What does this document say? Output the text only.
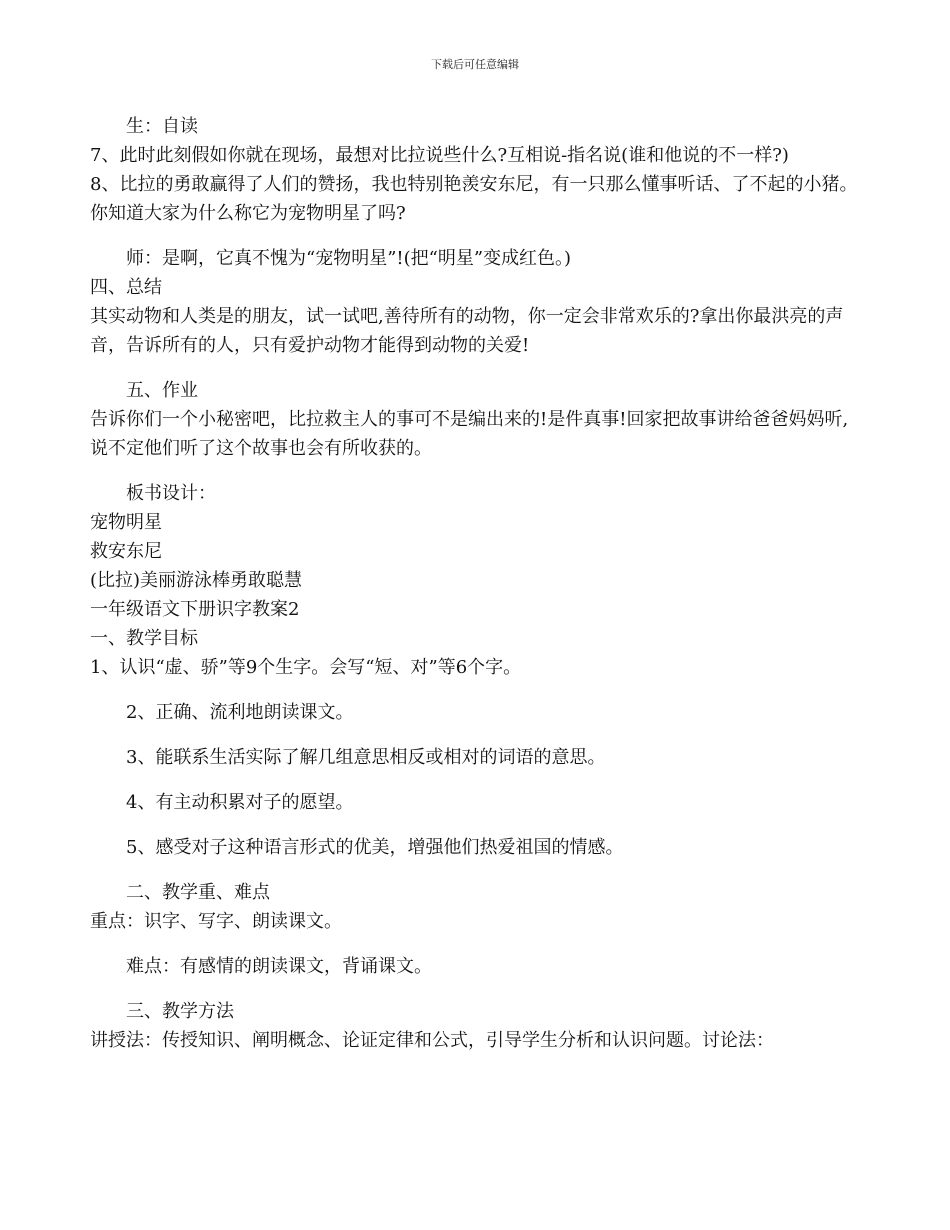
下载后可任意编辑

生：自读

7、此时此刻假如你就在现场，最想对比拉说些什么?互相说-指名说(谁和他说的不一样?)

8、比拉的勇敢赢得了人们的赞扬，我也特别艳羡安东尼，有一只那么懂事听话、了不起的小猪。你知道大家为什么称它为宠物明星了吗?

师：是啊，它真不愧为“宠物明星”!(把“明星”变成红色。)

四、总结

其实动物和人类是的朋友，试一试吧,善待所有的动物，你一定会非常欢乐的?拿出你最洪亮的声音，告诉所有的人，只有爱护动物才能得到动物的关爱!

五、作业

告诉你们一个小秘密吧，比拉救主人的事可不是编出来的!是件真事!回家把故事讲给爸爸妈妈听,说不定他们听了这个故事也会有所收获的。

板书设计：

宠物明星

救安东尼

(比拉)美丽游泳棒勇敢聪慧

一年级语文下册识字教案2

一、教学目标

1、认识“虚、骄”等9个生字。会写“短、对”等6个字。

2、正确、流利地朗读课文。

3、能联系生活实际了解几组意思相反或相对的词语的意思。

4、有主动积累对子的愿望。

5、感受对子这种语言形式的优美，增强他们热爱祖国的情感。

二、教学重、难点

重点：识字、写字、朗读课文。

难点：有感情的朗读课文，背诵课文。

三、教学方法

讲授法：传授知识、阐明概念、论证定律和公式，引导学生分析和认识问题。讨论法：
